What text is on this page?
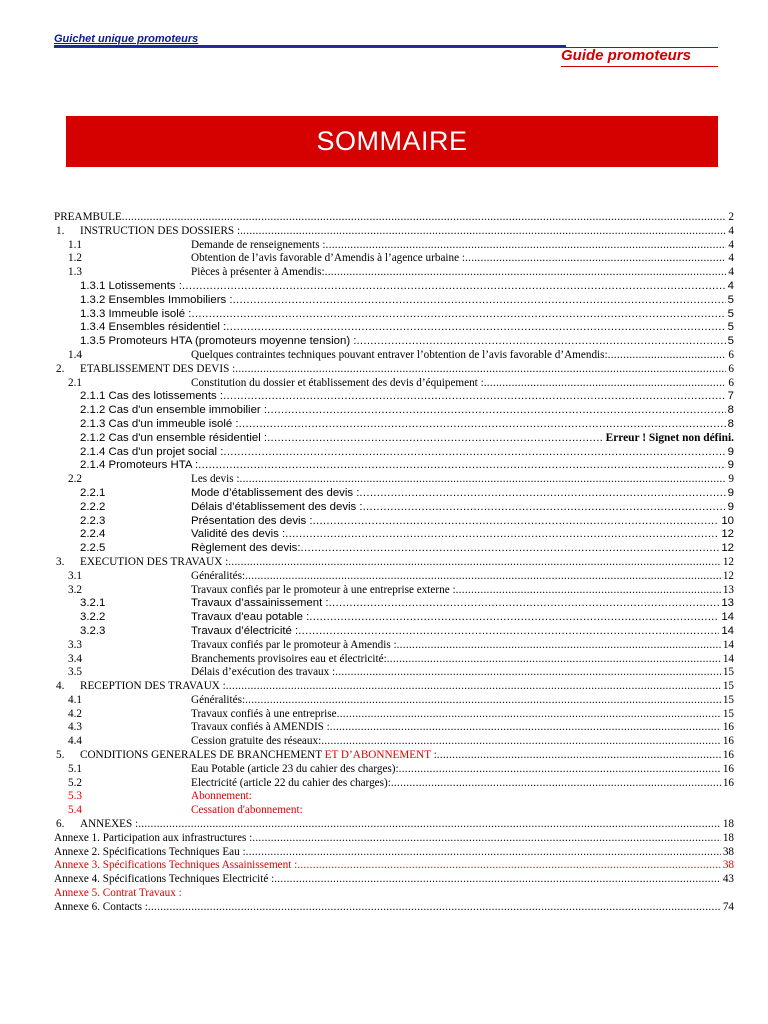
Guichet unique promoteurs
Guide promoteurs
SOMMAIRE
PREAMBULE .....	2
1. INSTRUCTION DES DOSSIERS : .....	4
1.1	Demande de renseignements : .....	4
1.2	Obtention de l’avis favorable d’Amendis à l’agence urbaine : .....	4
1.3	Pièces à présenter à Amendis: .....	4
1.3.1 Lotissements : .....	4
1.3.2 Ensembles Immobiliers : .....	5
1.3.3 Immeuble isolé : .....	5
1.3.4 Ensembles résidentiel : .....	5
1.3.5 Promoteurs HTA (promoteurs moyenne tension) : .....	5
1.4	Quelques contraintes techniques pouvant entraver l’obtention de l’avis favorable d’Amendis: .....	6
2. ETABLISSEMENT DES DEVIS : .....	6
2.1	Constitution du dossier et établissement des devis d’équipement : .....	6
2.1.1 Cas des lotissements : .....	7
2.1.2 Cas d'un ensemble immobilier : .....	8
2.1.3 Cas d'un immeuble isolé : .....	8
2.1.2 Cas d'un ensemble résidentiel : .....	Erreur ! Signet non défini.
2.1.4 Cas d'un projet social : .....	9
2.1.4 Promoteurs HTA : .....	9
2.2	Les devis : .....	9
2.2.1	Mode d’établissement des devis : .....	9
2.2.2	Délais d’établissement des devis : .....	9
2.2.3	Présentation des devis : .....	10
2.2.4	Validité des devis : .....	12
2.2.5	Règlement des devis: .....	12
3. EXECUTION DES TRAVAUX : .....	12
3.1	Généralités: .....	12
3.2	Travaux confiés par le promoteur à une entreprise externe : .....	13
3.2.1	Travaux d’assainissement : .....	13
3.2.2	Travaux d'eau potable : .....	14
3.2.3	Travaux d’électricité : .....	14
3.3	Travaux confiés par le promoteur à Amendis : .....	14
3.4	Branchements provisoires eau et électricité: .....	14
3.5	Délais d’exécution des travaux : .....	15
4. RECEPTION DES TRAVAUX : .....	15
4.1	Généralités: .....	15
4.2	Travaux confiés à une entreprise .....	15
4.3	Travaux confiés à AMENDIS : .....	16
4.4	Cession gratuite des réseaux: .....	16
5. CONDITIONS GENERALES DE BRANCHEMENT ET D’ABONNEMENT : .....	16
5.1	Eau Potable (article 23 du cahier des charges): .....	16
5.2	Electricité (article 22 du cahier des charges): .....	16
5.3	Abonnement:
5.4	Cessation d'abonnement:
6. ANNEXES : .....	18
Annexe 1. Participation aux infrastructures : .....	18
Annexe 2. Spécifications Techniques Eau : .....	38
Annexe 3. Spécifications Techniques Assainissement : .....	38
Annexe 4. Spécifications Techniques Electricité : .....	43
Annexe 5. Contrat Travaux :
Annexe 6. Contacts : .....	74
